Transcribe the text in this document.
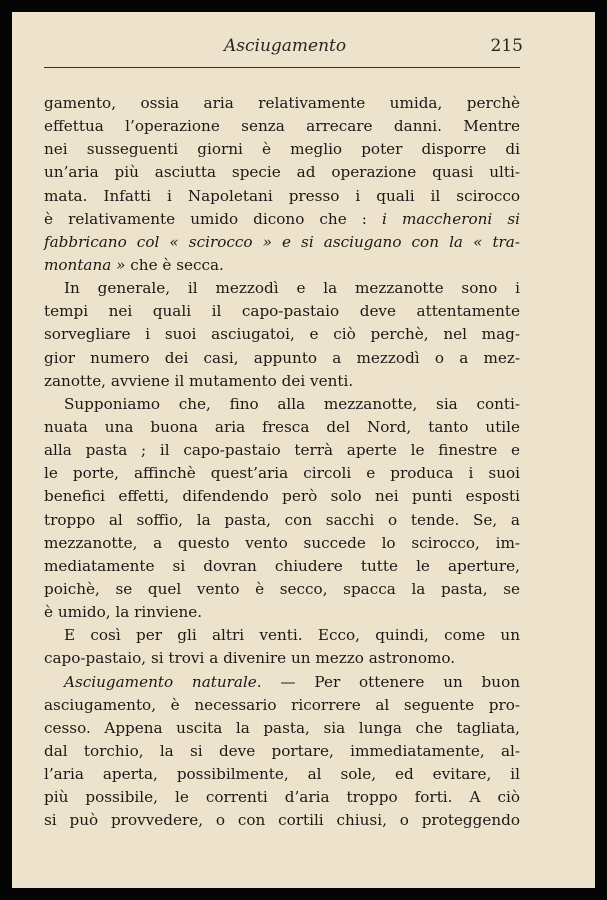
Asciugamento	215
gamento, ossia aria relativamente umida, perchè
effettua l’operazione senza arrecare danni. Mentre
nei susseguenti giorni è meglio poter disporre di
un’aria più asciutta specie ad operazione quasi ulti-
mata. Infatti i Napoletani presso i quali il scirocco
è relativamente umido dicono che : i maccheroni si
fabbricano col « scirocco » e si asciugano con la « tra-
montana » che è secca.
In generale, il mezzodì e la mezzanotte sono i
tempi nei quali il capo-pastaio deve attentamente
sorvegliare i suoi asciugatoi, e ciò perchè, nel mag-
gior numero dei casi, appunto a mezzodì o a mez-
zanotte, avviene il mutamento dei venti.
Supponiamo che, fino alla mezzanotte, sia conti-
nuata una buona aria fresca del Nord, tanto utile
alla pasta ; il capo-pastaio terrà aperte le finestre e
le porte, affinchè quest’aria circoli e produca i suoi
benefici effetti, difendendo però solo nei punti esposti
troppo al soffio, la pasta, con sacchi o tende. Se, a
mezzanotte, a questo vento succede lo scirocco, im-
mediatamente si dovran chiudere tutte le aperture,
poichè, se quel vento è secco, spacca la pasta, se
è umido, la rinviene.
E così per gli altri venti. Ecco, quindi, come un
capo-pastaio, si trovi a divenire un mezzo astronomo.
Asciugamento naturale. — Per ottenere un buon
asciugamento, è necessario ricorrere al seguente pro-
cesso. Appena uscita la pasta, sia lunga che tagliata,
dal torchio, la si deve portare, immediatamente, al-
l’aria aperta, possibilmente, al sole, ed evitare, il
più possibile, le correnti d’aria troppo forti. A ciò
si può provvedere, o con cortili chiusi, o proteggendo
